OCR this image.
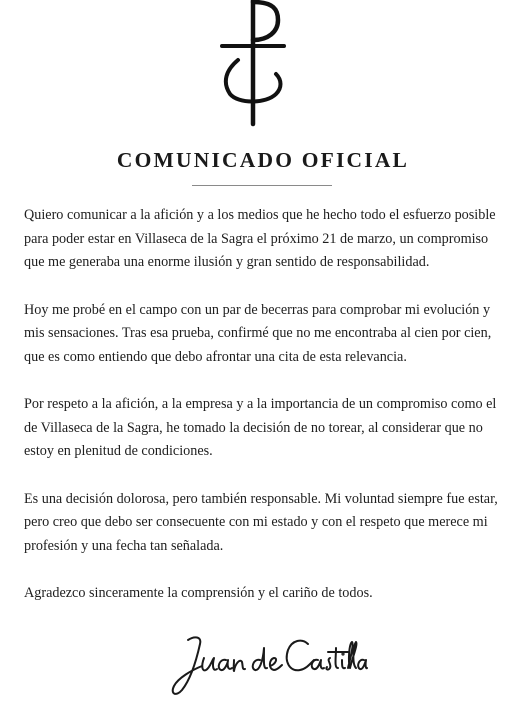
COMUNICADO OFICIAL

Quiero comunicar a la afición y a los medios que he hecho todo el esfuerzo posible para poder estar en Villaseca de la Sagra el próximo 21 de marzo, un compromiso que me generaba una enorme ilusión y gran sentido de responsabilidad.

Hoy me probé en el campo con un par de becerras para comprobar mi evolución y mis sensaciones. Tras esa prueba, confirmé que no me encontraba al cien por cien, que es como entiendo que debo afrontar una cita de esta relevancia.

Por respeto a la afición, a la empresa y a la importancia de un compromiso como el de Villaseca de la Sagra, he tomado la decisión de no torear, al considerar que no estoy en plenitud de condiciones.

Es una decisión dolorosa, pero también responsable. Mi voluntad siempre fue estar, pero creo que debo ser consecuente con mi estado y con el respeto que merece mi profesión y una fecha tan señalada.

Agradezco sinceramente la comprensión y el cariño de todos.
